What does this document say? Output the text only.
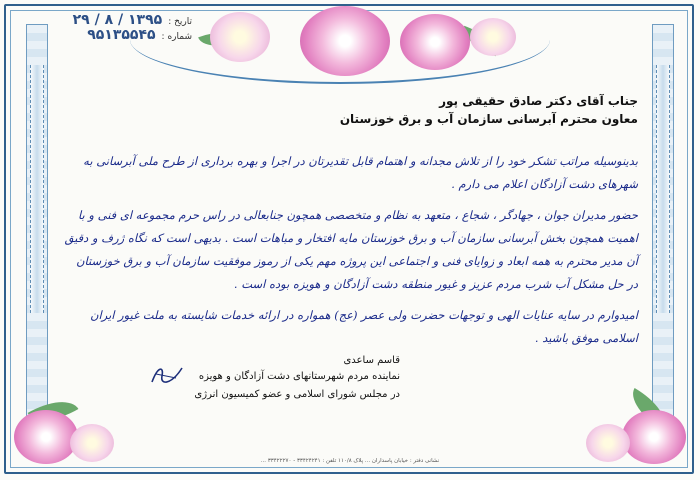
تاریخ :
۱۳۹۵ / ۸ / ۲۹
شماره :
۹۵۱۳۵۵۴۵
جناب آقای دکتر صادق حقیقی پور
معاون محترم آبرسانی سازمان آب و برق خوزستان

بدینوسیله مراتب تشکر خود را از تلاش مجدانه و اهتمام قابل تقدیرتان در اجرا و بهره برداری از طرح ملی آبرسانی به شهرهای دشت آزادگان اعلام می دارم .

حضور مدیران جوان ، جهادگر ، شجاع ، متعهد به نظام و متخصصی همچون جنابعالی در راس حرم مجموعه ای فنی و با اهمیت همچون بخش آبرسانی سازمان آب و برق خوزستان مایه افتخار و مباهات است . بدیهی است که نگاه ژرف و دقیق آن مدیر محترم به همه ابعاد و زوایای فنی و اجتماعی این پروژه مهم یکی از رموز موفقیت سازمان آب و برق خوزستان در حل مشکل آب شرب مردم عزیز و غیور منطقه دشت آزادگان و هویزه بوده است .

امیدوارم در سایه عنایات الهی و توجهات حضرت ولی عصر (عج) همواره در ارائه خدمات شایسته به ملت غیور ایران اسلامی موفق باشید .

قاسم ساعدی
نماینده مردم شهرستانهای دشت آزادگان و هویزه
در مجلس شورای اسلامی و عضو کمیسیون انرژی
نشانی دفتر : خیابان پاسداران ... پلاک ۱۱۰/۸ تلفن : ۳۳۴۲۴۲۴۱ - ۳۳۴۲۲۲۷۰ ...
